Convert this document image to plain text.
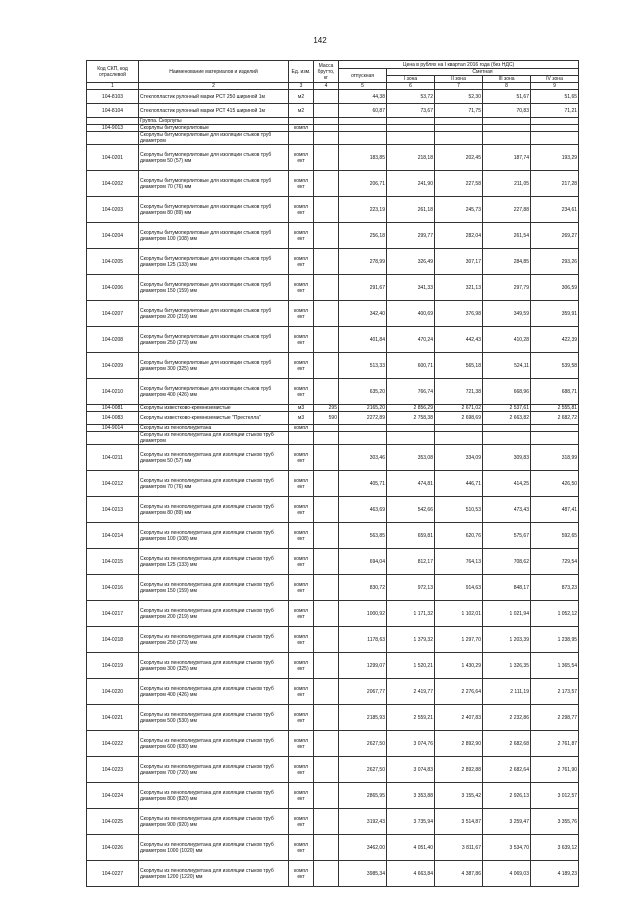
142
Код СКП, код отраслевой	Наименование материалов и изделий	Ед. изм.	Масса брутто, кг	Цена в рублях на I квартал 2016 года (без НДС)				
				отпускная	Сметная			
					I зона	II зона	III зона	IV зона
1	2	3	4	5	6	7	8	9
104-8103	Стеклопластик рулонный марки РСТ 250 шириной 1м	м2		44,38	53,72	52,30	51,67	51,65
104-8104	Стеклопластик рулонный марки РСТ 415 шириной 1м	м2		60,87	73,67	71,75	70,83	71,21
	Группа. Скорлупы							
104-9013	Скорлупы битумоперлитовые	компл						
	Скорлупы битумоперлитовые для изоляции стыков труб диаметром							
104-0201	Скорлупы битумоперлитовые для изоляции стыков труб диаметром 50 (57) мм	компл ект		183,85	218,18	202,45	187,74	193,29
104-0202	Скорлупы битумоперлитовые для изоляции стыков труб диаметром 70 (76) мм	компл ект		206,71	241,90	227,58	211,05	217,28
104-0203	Скорлупы битумоперлитовые для изоляции стыков труб диаметром 80 (89) мм	компл ект		223,19	261,18	245,73	227,88	234,61
104-0204	Скорлупы битумоперлитовые для изоляции стыков труб диаметром 100 (108) мм	компл ект		256,18	299,77	282,04	261,54	269,27
104-0205	Скорлупы битумоперлитовые для изоляции стыков труб диаметром 125 (133) мм	компл ект		278,99	326,49	307,17	284,85	293,26
104-0206	Скорлупы битумоперлитовые для изоляции стыков труб диаметром 150 (159) мм	компл ект		291,67	341,33	321,13	297,79	306,59
104-0207	Скорлупы битумоперлитовые для изоляции стыков труб диаметром 200 (219) мм	компл ект		342,40	400,69	376,98	349,59	359,91
104-0208	Скорлупы битумоперлитовые для изоляции стыков труб диаметром 250 (273) мм	компл ект		401,84	470,24	442,43	410,28	422,39
104-0209	Скорлупы битумоперлитовые для изоляции стыков труб диаметром 300 (325) мм	компл ект		513,33	600,71	565,18	524,11	539,58
104-0210	Скорлупы битумоперлитовые для изоляции стыков труб диаметром 400 (426) мм	компл ект		635,20	766,74	721,38	668,96	688,71
104-0081	Скорлупы известково-кремнеземистые	м3	295	2165,20	2 856,29	2 671,02	2 537,61	2 555,81
104-0083	Скорлупы известково-кремнеземистые "Престелла"	м3	590	2272,89	2 758,38	2 698,69	2 663,82	2 682,72
104-9014	Скорлупы из пенополиуретана	компл						
	Скорлупы из пенополиуретана для изоляции стыков труб диаметром							
104-0211	Скорлупы из пенополиуретана для изоляции стыков труб диаметром 50 (57) мм	компл ект		303,46	353,08	334,09	309,83	318,99
104-0212	Скорлупы из пенополиуретана для изоляции стыков труб диаметром 70 (76) мм	компл ект		405,71	474,81	446,71	414,25	426,50
104-0213	Скорлупы из пенополиуретана для изоляции стыков труб диаметром 80 (89) мм	компл ект		463,69	542,66	510,53	473,43	487,41
104-0214	Скорлупы из пенополиуретана для изоляции стыков труб диаметром 100 (108) мм	компл ект		563,85	659,81	620,76	575,67	592,65
104-0215	Скорлупы из пенополиуретана для изоляции стыков труб диаметром 125 (133) мм	компл ект		694,04	812,17	764,13	708,62	729,54
104-0216	Скорлупы из пенополиуретана для изоляции стыков труб диаметром 150 (159) мм	компл ект		830,72	972,13	914,63	848,17	873,23
104-0217	Скорлупы из пенополиуретана для изоляции стыков труб диаметром 200 (219) мм	компл ект		1000,92	1 171,32	1 102,01	1 021,94	1 052,12
104-0218	Скорлупы из пенополиуретана для изоляции стыков труб диаметром 250 (273) мм	компл ект		1178,63	1 379,32	1 297,70	1 203,39	1 238,95
104-0219	Скорлупы из пенополиуретана для изоляции стыков труб диаметром 300 (325) мм	компл ект		1299,07	1 520,21	1 430,29	1 326,35	1 365,54
104-0220	Скорлупы из пенополиуретана для изоляции стыков труб диаметром 400 (426) мм	компл ект		2067,77	2 419,77	2 276,64	2 111,19	2 173,57
104-0221	Скорлупы из пенополиуретана для изоляции стыков труб диаметром 500 (530) мм	компл ект		2185,93	2 559,21	2 407,83	2 232,86	2 298,77
104-0222	Скорлупы из пенополиуретана для изоляции стыков труб диаметром 600 (630) мм	компл ект		2627,50	3 074,76	2 892,90	2 682,68	2 761,87
104-0223	Скорлупы из пенополиуретана для изоляции стыков труб диаметром 700 (720) мм	компл ект		2627,50	3 074,83	2 892,88	2 682,64	2 761,90
104-0224	Скорлупы из пенополиуретана для изоляции стыков труб диаметром 800 (820) мм	компл ект		2865,95	3 353,88	3 155,42	2 926,13	3 012,57
104-0225	Скорлупы из пенополиуретана для изоляции стыков труб диаметром 900 (920) мм	компл ект		3192,43	3 735,94	3 514,87	3 259,47	3 355,76
104-0226	Скорлупы из пенополиуретана для изоляции стыков труб диаметром 1000 (1020) мм	компл ект		3462,00	4 051,40	3 811,67	3 534,70	3 639,12
104-0227	Скорлупы из пенополиуретана для изоляции стыков труб диаметром 1200 (1220) мм	компл ект		3985,34	4 663,84	4 387,86	4 069,03	4 189,23
